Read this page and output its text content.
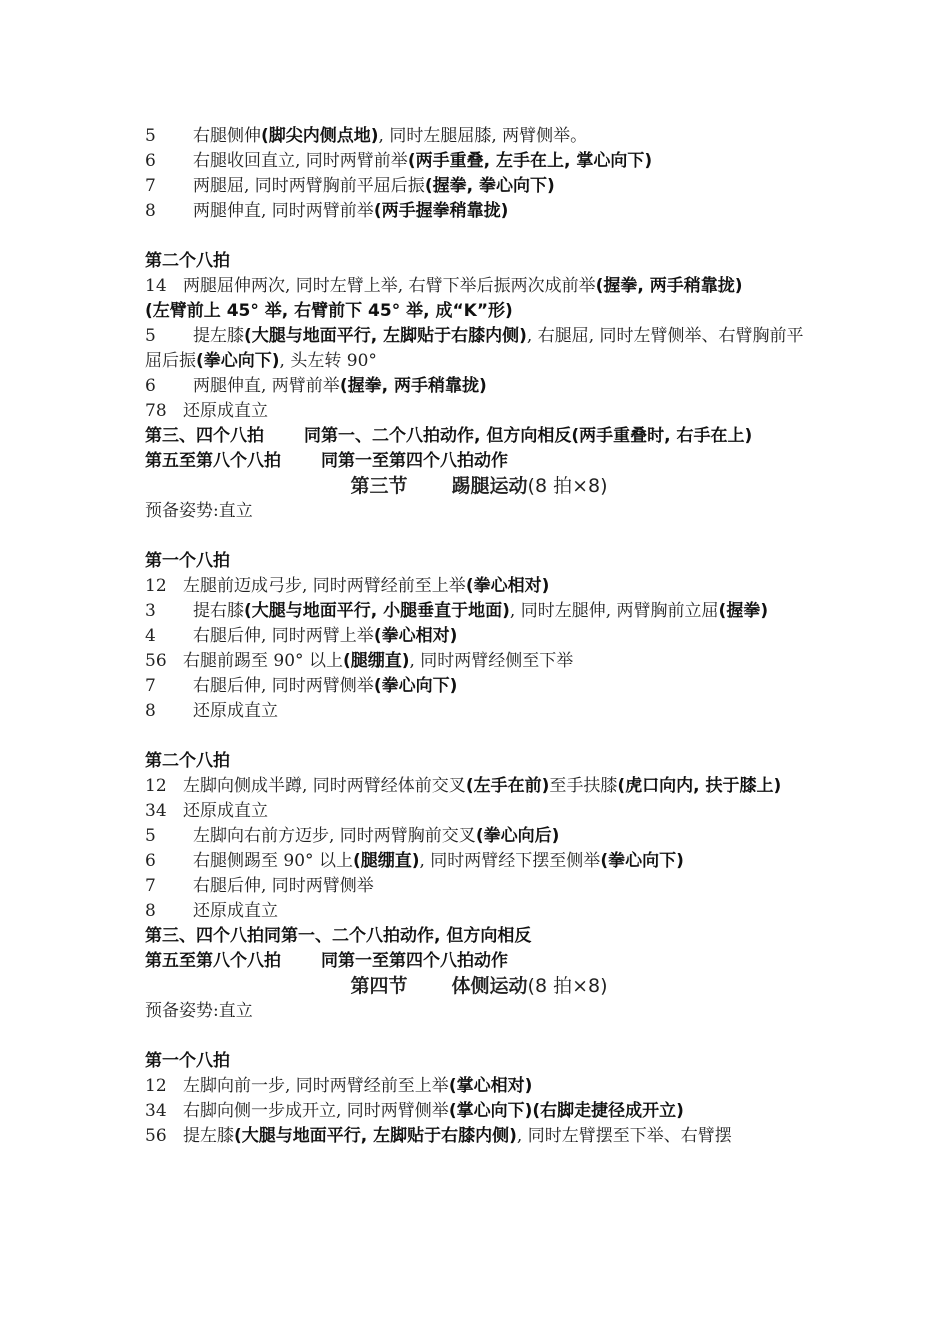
5 右腿侧伸(脚尖内侧点地), 同时左腿屈膝, 两臂侧举。
6 右腿收回直立, 同时两臂前举(两手重叠, 左手在上, 掌心向下)
7 两腿屈, 同时两臂胸前平屈后振(握拳, 拳心向下)
8 两腿伸直, 同时两臂前举(两手握拳稍靠拢)
第二个八拍
14 两腿屈伸两次, 同时左臂上举, 右臂下举后振两次成前举(握拳, 两手稍靠拢)
(左臂前上 45° 举, 右臂前下 45° 举, 成“K”形)
5 提左膝(大腿与地面平行, 左脚贴于右膝内侧), 右腿屈, 同时左臂侧举、右臂胸前平屈后振(拳心向下), 头左转 90°
6 两腿伸直, 两臂前举(握拳, 两手稍靠拢)
78 还原成直立
第三、四个八拍 同第一、二个八拍动作, 但方向相反(两手重叠时, 右手在上)
第五至第八个八拍 同第一至第四个八拍动作
第三节 踢腿运动(8 拍×8)
预备姿势:直立
第一个八拍
12 左腿前迈成弓步, 同时两臂经前至上举(拳心相对)
3 提右膝(大腿与地面平行, 小腿垂直于地面), 同时左腿伸, 两臂胸前立屈(握拳)
4 右腿后伸, 同时两臂上举(拳心相对)
56 右腿前踢至 90° 以上(腿绷直), 同时两臂经侧至下举
7 右腿后伸, 同时两臂侧举(拳心向下)
8 还原成直立
第二个八拍
12 左脚向侧成半蹲, 同时两臂经体前交叉(左手在前)至手扶膝(虎口向内, 扶于膝上)
34 还原成直立
5 左脚向右前方迈步, 同时两臂胸前交叉(拳心向后)
6 右腿侧踢至 90° 以上(腿绷直), 同时两臂经下摆至侧举(拳心向下)
7 右腿后伸, 同时两臂侧举
8 还原成直立
第三、四个八拍同第一、二个八拍动作, 但方向相反
第五至第八个八拍 同第一至第四个八拍动作
第四节 体侧运动(8 拍×8)
预备姿势:直立
第一个八拍
12 左脚向前一步, 同时两臂经前至上举(掌心相对)
34 右脚向侧一步成开立, 同时两臂侧举(掌心向下)(右脚走捷径成开立)
56 提左膝(大腿与地面平行, 左脚贴于右膝内侧), 同时左臂摆至下举、右臂摆
